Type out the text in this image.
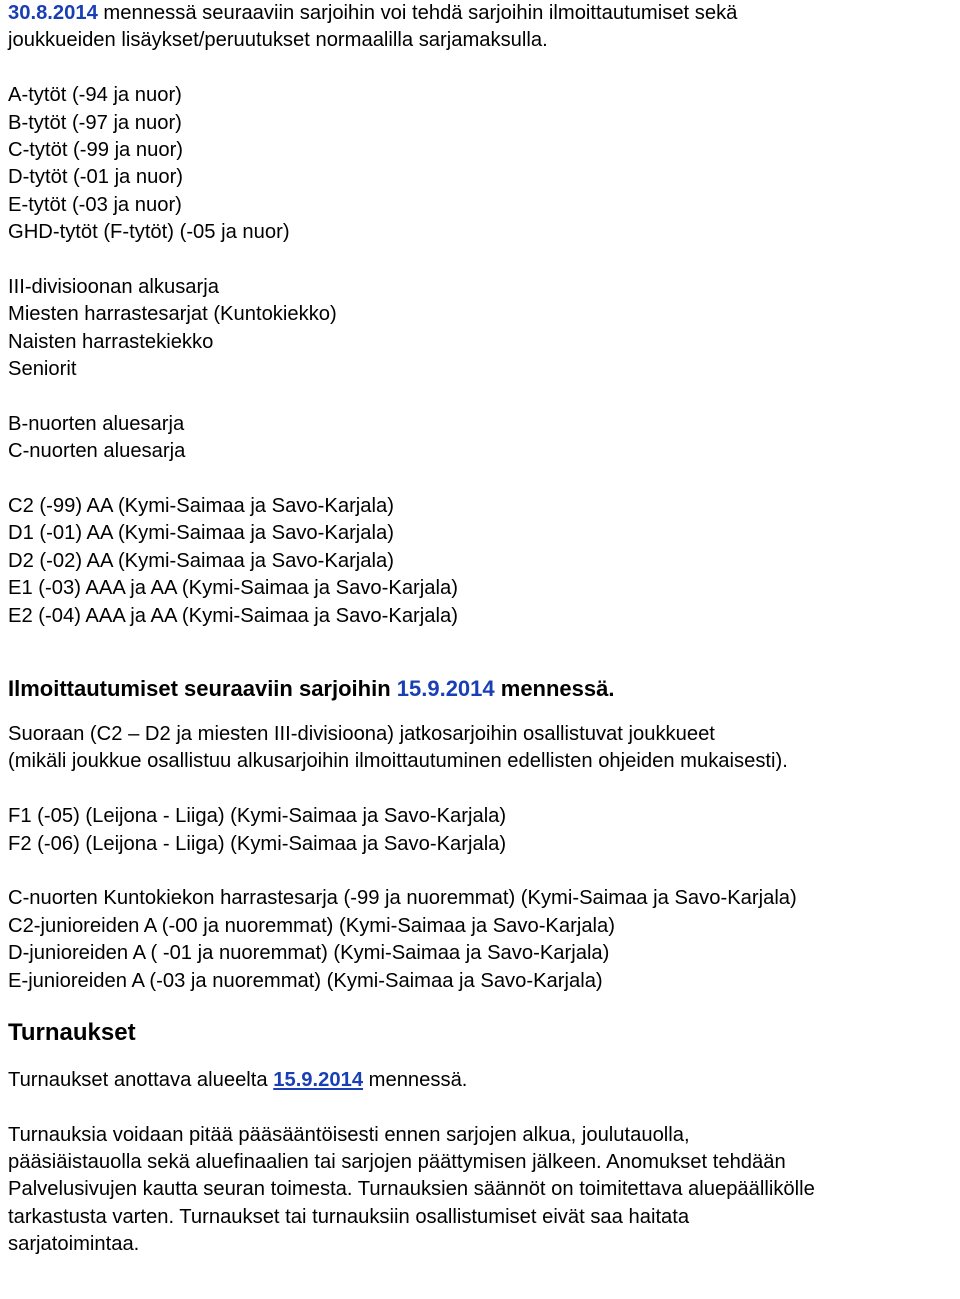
30.8.2014 mennessä seuraaviin sarjoihin voi tehdä sarjoihin ilmoittautumiset sekä
joukkueiden lisäykset/peruutukset normaalilla sarjamaksulla.
A-tytöt (-94 ja nuor)
B-tytöt (-97 ja nuor)
C-tytöt (-99 ja nuor)
D-tytöt (-01 ja nuor)
E-tytöt (-03 ja nuor)
GHD-tytöt (F-tytöt) (-05 ja nuor)
III-divisioonan alkusarja
Miesten harrastesarjat (Kuntokiekko)
Naisten harrastekiekko
Seniorit
B-nuorten aluesarja
C-nuorten aluesarja
C2 (-99) AA (Kymi-Saimaa ja Savo-Karjala)
D1 (-01) AA (Kymi-Saimaa ja Savo-Karjala)
D2 (-02) AA (Kymi-Saimaa ja Savo-Karjala)
E1 (-03) AAA ja AA (Kymi-Saimaa ja Savo-Karjala)
E2 (-04) AAA ja AA (Kymi-Saimaa ja Savo-Karjala)
Ilmoittautumiset seuraaviin sarjoihin 15.9.2014 mennessä.
Suoraan (C2 – D2 ja miesten III-divisioona) jatkosarjoihin osallistuvat joukkueet
(mikäli joukkue osallistuu alkusarjoihin ilmoittautuminen edellisten ohjeiden mukaisesti).
F1 (-05) (Leijona - Liiga) (Kymi-Saimaa ja Savo-Karjala)
F2 (-06) (Leijona - Liiga) (Kymi-Saimaa ja Savo-Karjala)
C-nuorten Kuntokiekon harrastesarja (-99 ja nuoremmat) (Kymi-Saimaa ja Savo-Karjala)
C2-junioreiden A (-00 ja nuoremmat) (Kymi-Saimaa ja Savo-Karjala)
D-junioreiden A ( -01 ja nuoremmat) (Kymi-Saimaa ja Savo-Karjala)
E-junioreiden A (-03 ja nuoremmat) (Kymi-Saimaa ja Savo-Karjala)
Turnaukset
Turnaukset anottava alueelta 15.9.2014 mennessä.
Turnauksia voidaan pitää pääsääntöisesti ennen sarjojen alkua, joulutauolla,
pääsiäistauolla sekä aluefinaalien tai sarjojen päättymisen jälkeen. Anomukset tehdään
Palvelusivujen kautta seuran toimesta. Turnauksien säännöt on toimitettava aluepäällikölle
tarkastusta varten. Turnaukset tai turnauksiin osallistumiset eivät saa haitata
sarjatoimintaa.
